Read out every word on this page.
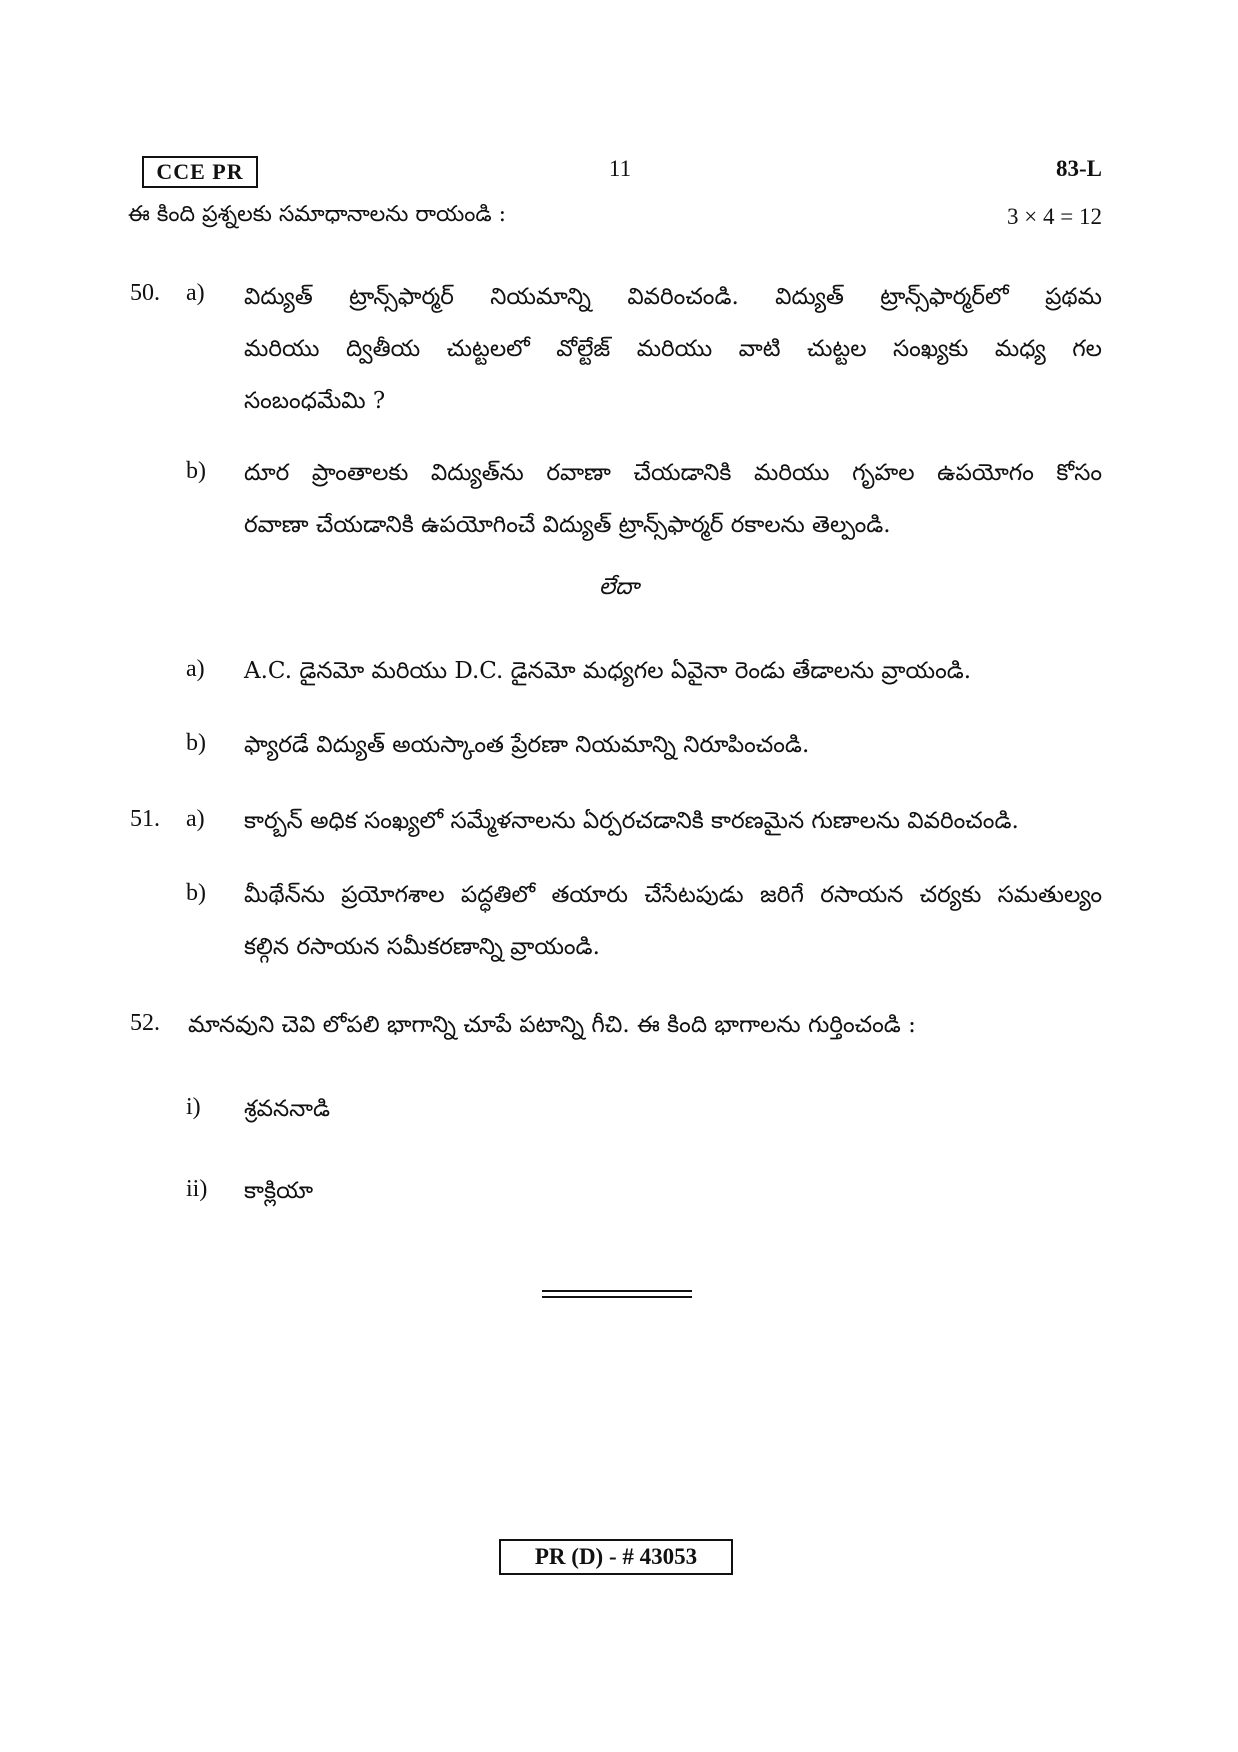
CCE PR	11	83-L
ఈ కింది ప్రశ్నలకు సమాధానాలను రాయండి :	3 × 4 = 12
50. a) విద్యుత్ ట్రాన్స్‌ఫార్మర్ నియమాన్ని వివరించండి. విద్యుత్ ట్రాన్స్‌ఫార్మర్‌లో ప్రథమ
మరియు ద్వితీయ చుట్టలలో వోల్టేజ్ మరియు వాటి చుట్టల సంఖ్యకు మధ్య గల
సంబంధమేమి ?
b) దూర ప్రాంతాలకు విద్యుత్‌ను రవాణా చేయడానికి మరియు గృహల ఉపయోగం కోసం
రవాణా చేయడానికి ఉపయోగించే విద్యుత్ ట్రాన్స్‌ఫార్మర్ రకాలను తెల్పండి.
లేదా
a) A.C. డైనమో మరియు D.C. డైనమో మధ్యగల ఏవైనా రెండు తేడాలను వ్రాయండి.
b) ఫ్యారడే విద్యుత్ అయస్కాంత ప్రేరణా నియమాన్ని నిరూపించండి.
51. a) కార్బన్ అధిక సంఖ్యలో సమ్మేళనాలను ఏర్పరచడానికి కారణమైన గుణాలను వివరించండి.
b) మీథేన్‌ను ప్రయోగశాల పద్ధతిలో తయారు చేసేటపుడు జరిగే రసాయన చర్యకు సమతుల్యం
కల్గిన రసాయన సమీకరణాన్ని వ్రాయండి.
52. మానవుని చెవి లోపలి భాగాన్ని చూపే పటాన్ని గీచి. ఈ కింది భాగాలను గుర్తించండి :
i) శ్రవననాడి
ii) కాక్లియా
PR (D) - # 43053
